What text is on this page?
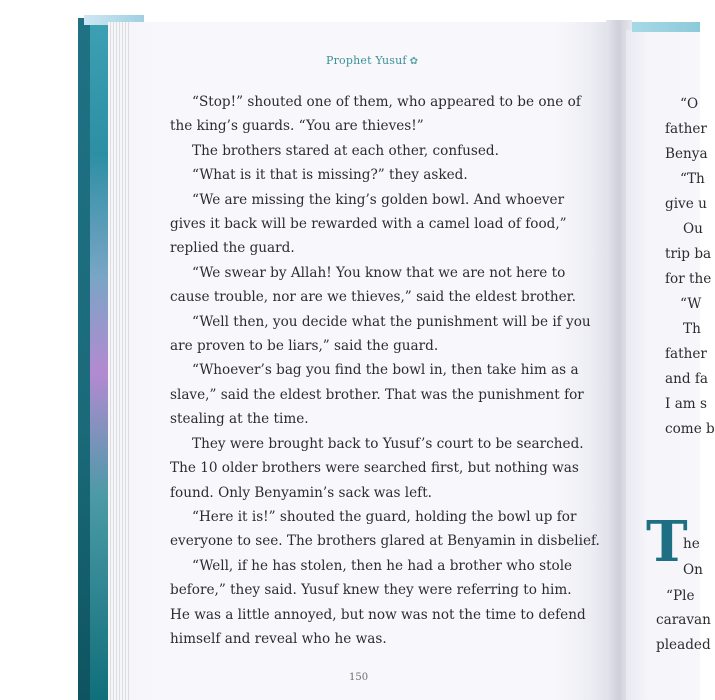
Prophet Yusuf ✿
“Stop!” shouted one of them, who appeared to be one of
the king’s guards. “You are thieves!”
The brothers stared at each other, confused.
“What is it that is missing?” they asked.
“We are missing the king’s golden bowl. And whoever
gives it back will be rewarded with a camel load of food,”
replied the guard.
“We swear by Allah! You know that we are not here to
cause trouble, nor are we thieves,” said the eldest brother.
“Well then, you decide what the punishment will be if you
are proven to be liars,” said the guard.
“Whoever’s bag you find the bowl in, then take him as a
slave,” said the eldest brother. That was the punishment for
stealing at the time.
They were brought back to Yusuf’s court to be searched.
The 10 older brothers were searched first, but nothing was
found. Only Benyamin’s sack was left.
“Here it is!” shouted the guard, holding the bowl up for
everyone to see. The brothers glared at Benyamin in disbelief.
“Well, if he has stolen, then he had a brother who stole
before,” they said. Yusuf knew they were referring to him.
He was a little annoyed, but now was not the time to defend
himself and reveal who he was.
150
“O
father
Benya
“Th
give u
Ou
trip ba
for the
“W
Th
father
and fa
I am s
come b
T
he
On
“Ple
caravan
pleaded
